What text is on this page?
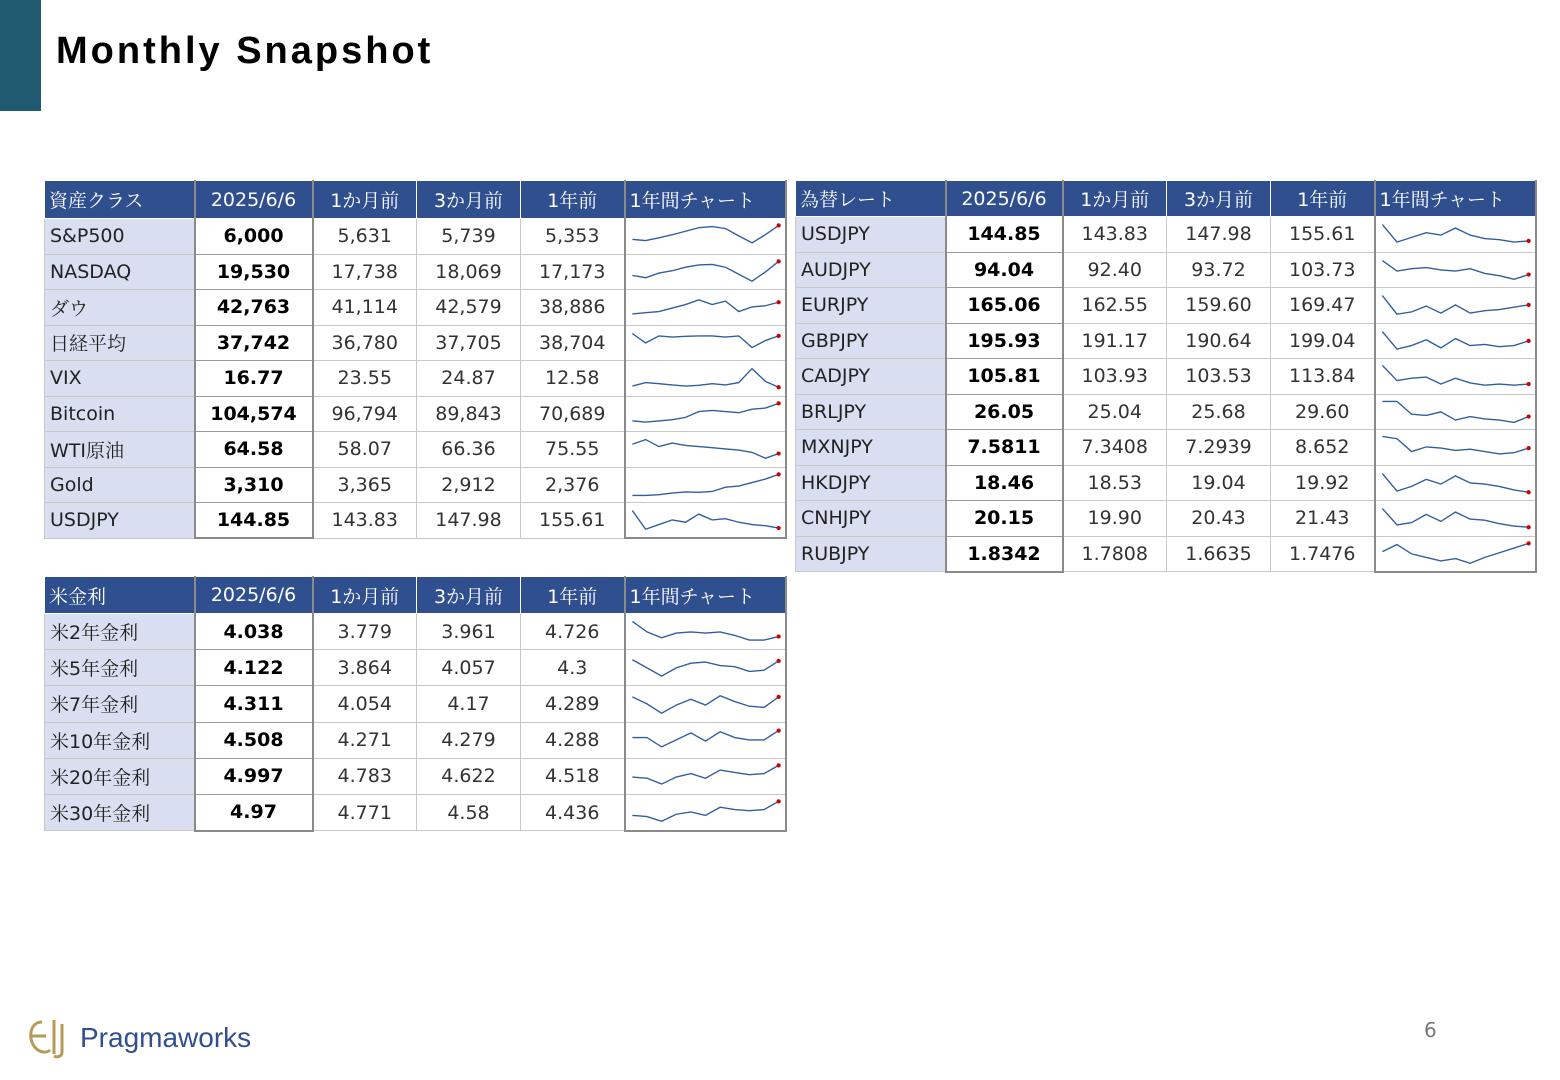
Monthly Snapshot
資産クラス	2025/6/6	1か月前	3か月前	1年前	1年間チャート
S&P500	6,000	5,631	5,739	5,353	

NASDAQ	19,530	17,738	18,069	17,173	

ダウ	42,763	41,114	42,579	38,886	

日経平均	37,742	36,780	37,705	38,704	

VIX	16.77	23.55	24.87	12.58	

Bitcoin	104,574	96,794	89,843	70,689	

WTI原油	64.58	58.07	66.36	75.55	

Gold	3,310	3,365	2,912	2,376	

USDJPY	144.85	143.83	147.98	155.61	
米金利	2025/6/6	1か月前	3か月前	1年前	1年間チャート
米2年金利	4.038	3.779	3.961	4.726	

米5年金利	4.122	3.864	4.057	4.3	

米7年金利	4.311	4.054	4.17	4.289	

米10年金利	4.508	4.271	4.279	4.288	

米20年金利	4.997	4.783	4.622	4.518	

米30年金利	4.97	4.771	4.58	4.436	
為替レート	2025/6/6	1か月前	3か月前	1年前	1年間チャート
USDJPY	144.85	143.83	147.98	155.61	

AUDJPY	94.04	92.40	93.72	103.73	

EURJPY	165.06	162.55	159.60	169.47	

GBPJPY	195.93	191.17	190.64	199.04	

CADJPY	105.81	103.93	103.53	113.84	

BRLJPY	26.05	25.04	25.68	29.60	

MXNJPY	7.5811	7.3408	7.2939	8.652	

HKDJPY	18.46	18.53	19.04	19.92	

CNHJPY	20.15	19.90	20.43	21.43	

RUBJPY	1.8342	1.7808	1.6635	1.7476	
Pragmaworks	6
